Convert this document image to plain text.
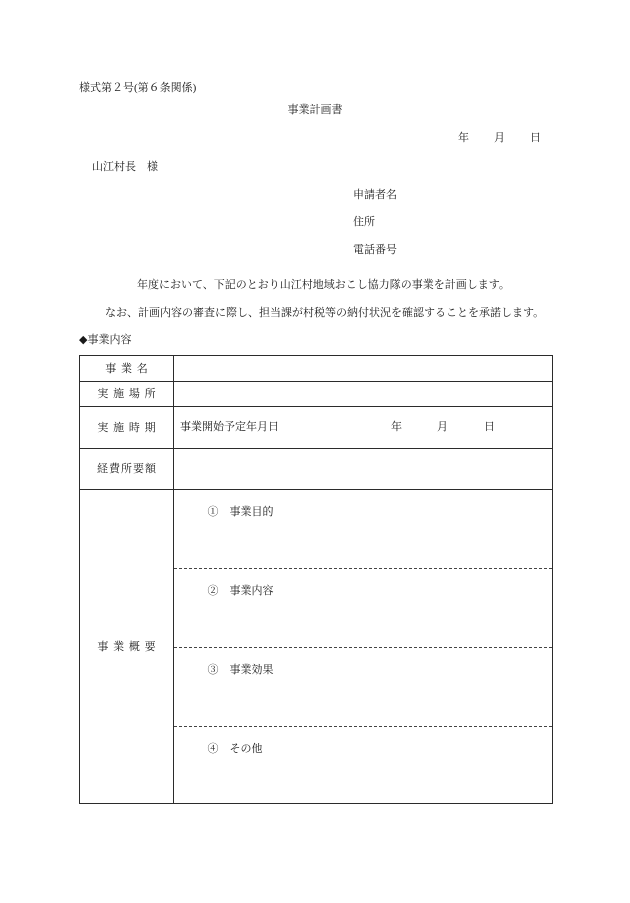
様式第２号(第６条関係)
事業計画書
年 月 日
山江村長　様
申請者名
住所
電話番号
年度において、下記のとおり山江村地域おこし協力隊の事業を計画します。
なお、計画内容の審査に際し、担当課が村税等の納付状況を確認することを承諾します。
◆事業内容
事 業 名
実 施 場 所
実 施 時 期	事業開始予定年月日	年	月	日
経費所要額
事 業 概 要

①　事業目的

②　事業内容

③　事業効果

④　その他
